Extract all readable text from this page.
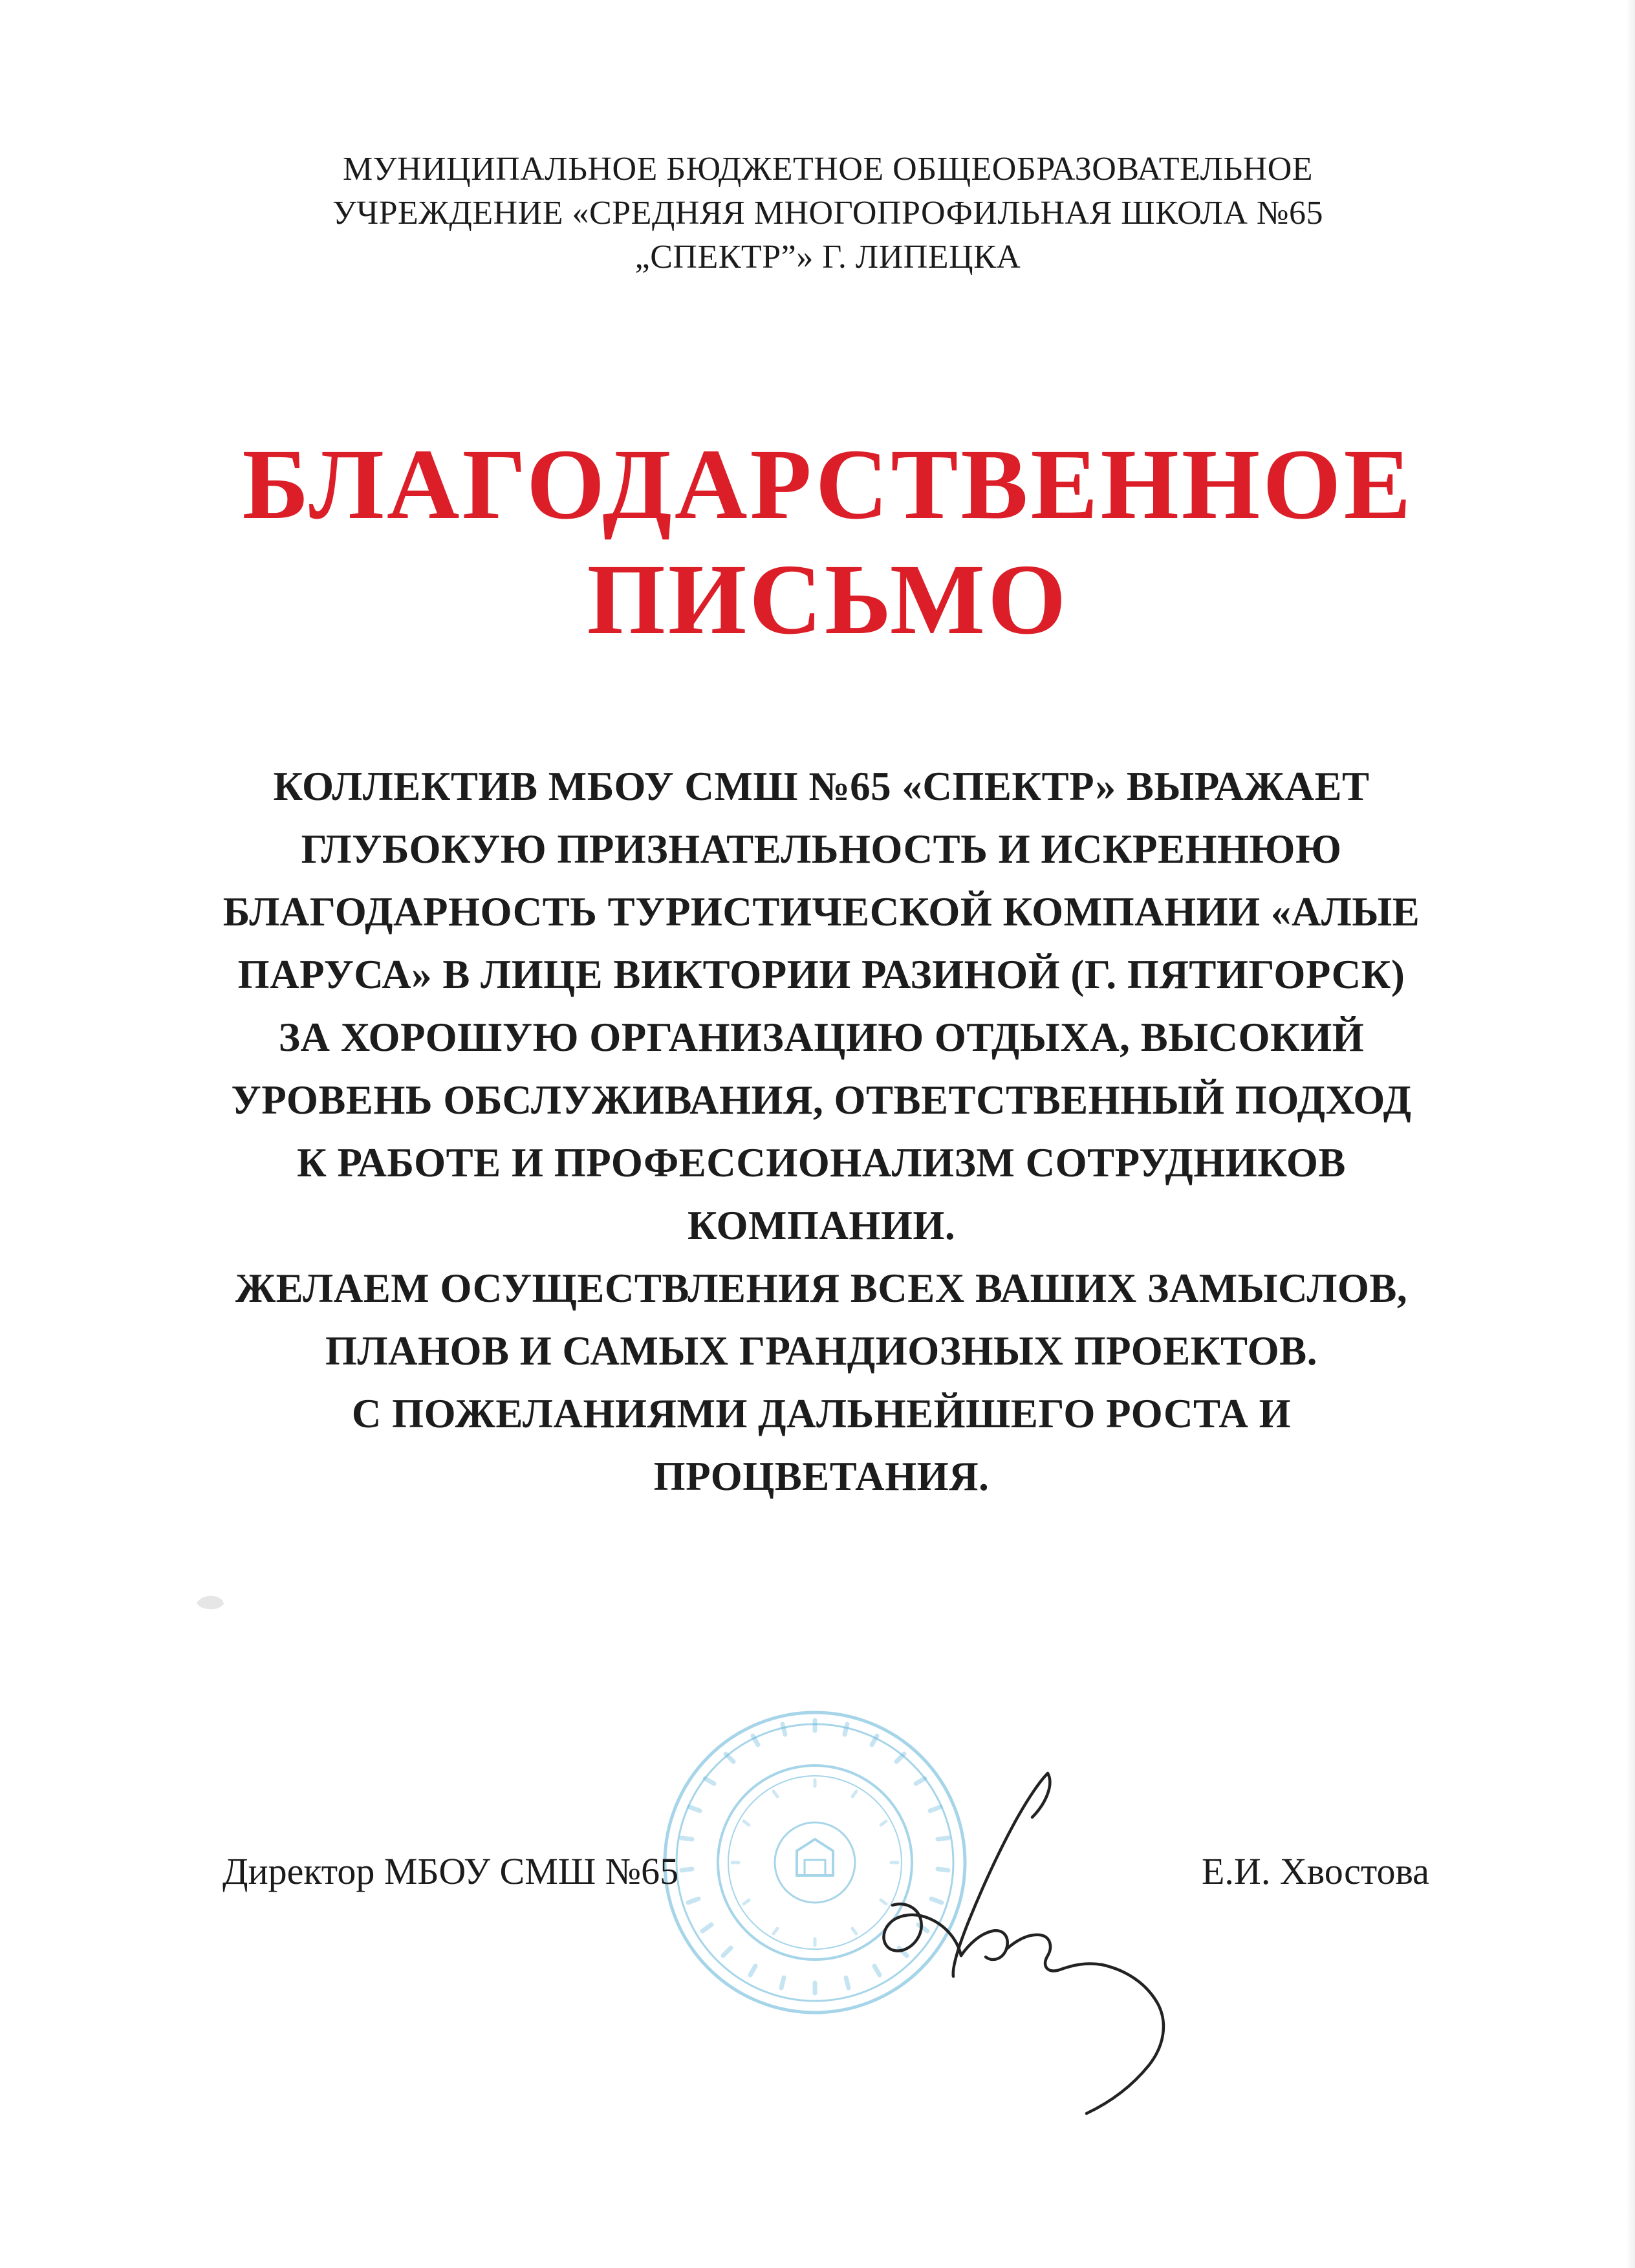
МУНИЦИПАЛЬНОЕ БЮДЖЕТНОЕ ОБЩЕОБРАЗОВАТЕЛЬНОЕ
УЧРЕЖДЕНИЕ «СРЕДНЯЯ МНОГОПРОФИЛЬНАЯ ШКОЛА №65
„СПЕКТР”» Г. ЛИПЕЦКА
БЛАГОДАРСТВЕННОЕ
ПИСЬМО
КОЛЛЕКТИВ МБОУ СМШ №65 «СПЕКТР» ВЫРАЖАЕТ
ГЛУБОКУЮ ПРИЗНАТЕЛЬНОСТЬ И ИСКРЕННЮЮ
БЛАГОДАРНОСТЬ ТУРИСТИЧЕСКОЙ КОМПАНИИ «АЛЫЕ
ПАРУСА» В ЛИЦЕ ВИКТОРИИ РАЗИНОЙ (Г. ПЯТИГОРСК)
ЗА ХОРОШУЮ ОРГАНИЗАЦИЮ ОТДЫХА, ВЫСОКИЙ
УРОВЕНЬ ОБСЛУЖИВАНИЯ, ОТВЕТСТВЕННЫЙ ПОДХОД
К РАБОТЕ И ПРОФЕССИОНАЛИЗМ СОТРУДНИКОВ
КОМПАНИИ.
ЖЕЛАЕМ ОСУЩЕСТВЛЕНИЯ ВСЕХ ВАШИХ ЗАМЫСЛОВ,
ПЛАНОВ И САМЫХ ГРАНДИОЗНЫХ ПРОЕКТОВ.
С ПОЖЕЛАНИЯМИ ДАЛЬНЕЙШЕГО РОСТА И
ПРОЦВЕТАНИЯ.
Директор МБОУ СМШ №65	Е.И. Хвостова
